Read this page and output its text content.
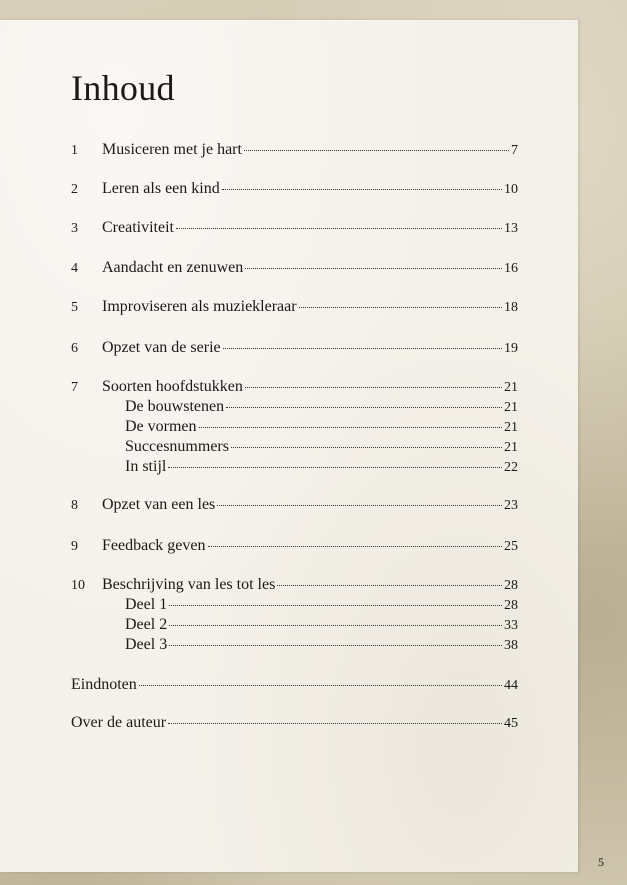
Inhoud
1	Musiceren met je hart	7
2	Leren als een kind	10
3	Creativiteit	13
4	Aandacht en zenuwen	16
5	Improviseren als muziekleraar	18
6	Opzet van de serie	19
7	Soorten hoofdstukken	21
De bouwstenen	21
De vormen	21
Succesnummers	21
In stijl	22
8	Opzet van een les	23
9	Feedback geven	25
10	Beschrijving van les tot les	28
Deel 1	28
Deel 2	33
Deel 3	38
Eindnoten	44
Over de auteur	45
5
